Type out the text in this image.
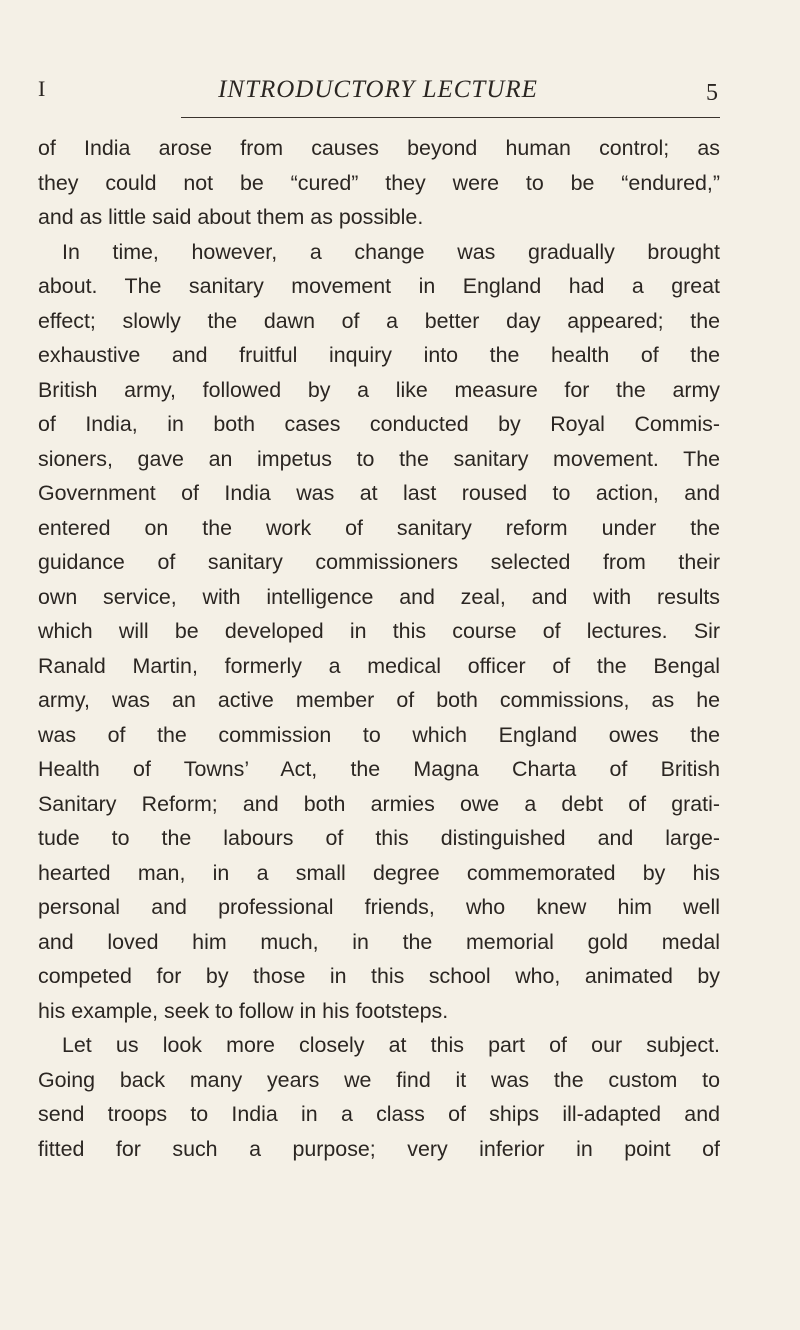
I	INTRODUCTORY LECTURE	5
of India arose from causes beyond human control; as
they could not be “cured” they were to be “endured,”
and as little said about them as possible.
In time, however, a change was gradually brought
about. The sanitary movement in England had a great
effect; slowly the dawn of a better day appeared; the
exhaustive and fruitful inquiry into the health of the
British army, followed by a like measure for the army
of India, in both cases conducted by Royal Commis-
sioners, gave an impetus to the sanitary movement. The
Government of India was at last roused to action, and
entered on the work of sanitary reform under the
guidance of sanitary commissioners selected from their
own service, with intelligence and zeal, and with results
which will be developed in this course of lectures. Sir
Ranald Martin, formerly a medical officer of the Bengal
army, was an active member of both commissions, as he
was of the commission to which England owes the
Health of Towns’ Act, the Magna Charta of British
Sanitary Reform; and both armies owe a debt of grati-
tude to the labours of this distinguished and large-
hearted man, in a small degree commemorated by his
personal and professional friends, who knew him well
and loved him much, in the memorial gold medal
competed for by those in this school who, animated by
his example, seek to follow in his footsteps.
Let us look more closely at this part of our subject.
Going back many years we find it was the custom to
send troops to India in a class of ships ill-adapted and
fitted for such a purpose; very inferior in point of
